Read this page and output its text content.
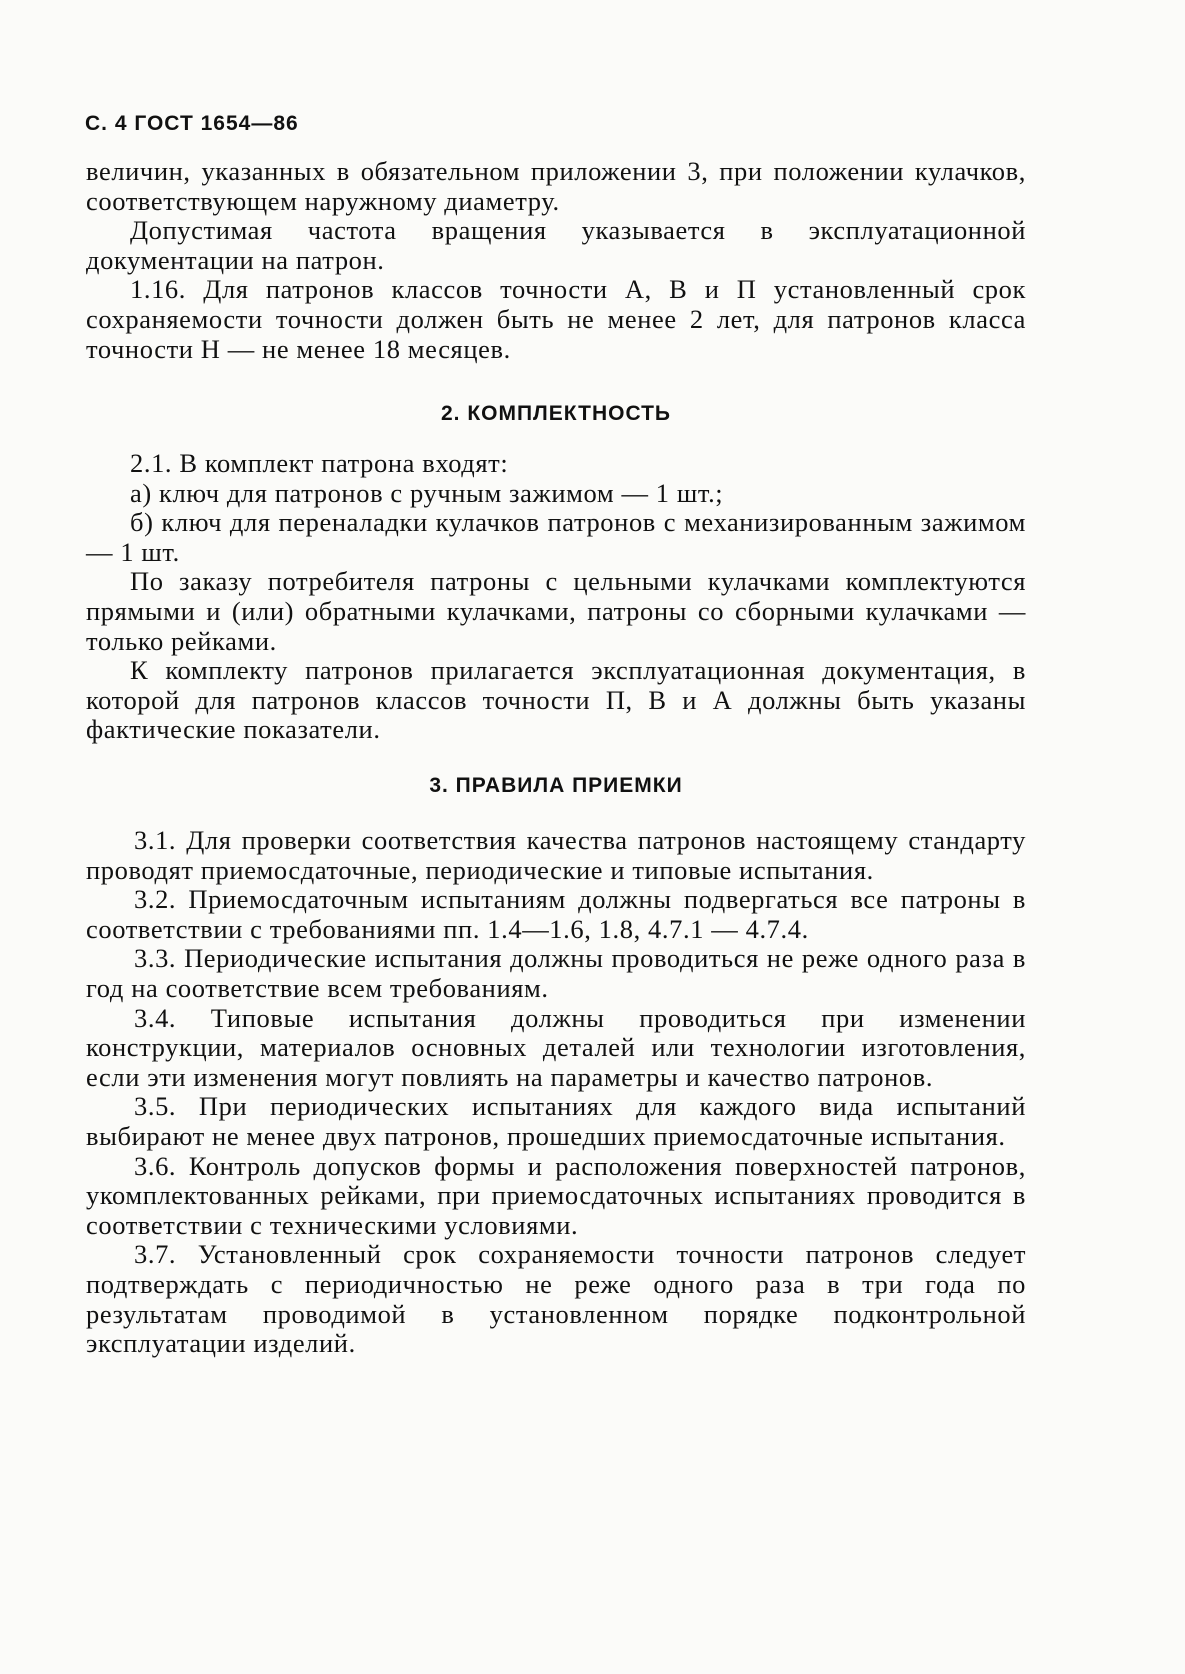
С. 4 ГОСТ 1654—86

величин, указанных в обязательном приложении 3, при положении кулачков, соответствующем наружному диаметру.

Допустимая частота вращения указывается в эксплуатационной документации на патрон.

1.16. Для патронов классов точности А, В и П установленный срок сохраняемости точности должен быть не менее 2 лет, для патронов класса точности Н — не менее 18 месяцев.

2. КОМПЛЕКТНОСТЬ

2.1. В комплект патрона входят:

а) ключ для патронов с ручным зажимом — 1 шт.;

б) ключ для переналадки кулачков патронов с механизированным зажимом — 1 шт.

По заказу потребителя патроны с цельными кулачками комплектуются прямыми и (или) обратными кулачками, патроны со сборными кулачками — только рейками.

К комплекту патронов прилагается эксплуатационная документация, в которой для патронов классов точности П, В и А должны быть указаны фактические показатели.

3. ПРАВИЛА ПРИЕМКИ

3.1. Для проверки соответствия качества патронов настоящему стандарту проводят приемосдаточные, периодические и типовые испытания.

3.2. Приемосдаточным испытаниям должны подвергаться все патроны в соответствии с требованиями пп. 1.4—1.6, 1.8, 4.7.1 — 4.7.4.

3.3. Периодические испытания должны проводиться не реже одного раза в год на соответствие всем требованиям.

3.4. Типовые испытания должны проводиться при изменении конструкции, материалов основных деталей или технологии изготовления, если эти изменения могут повлиять на параметры и качество патронов.

3.5. При периодических испытаниях для каждого вида испытаний выбирают не менее двух патронов, прошедших приемосдаточные испытания.

3.6. Контроль допусков формы и расположения поверхностей патронов, укомплектованных рейками, при приемосдаточных испытаниях проводится в соответствии с техническими условиями.

3.7. Установленный срок сохраняемости точности патронов следует подтверждать с периодичностью не реже одного раза в три года по результатам проводимой в установленном порядке подконтрольной эксплуатации изделий.
